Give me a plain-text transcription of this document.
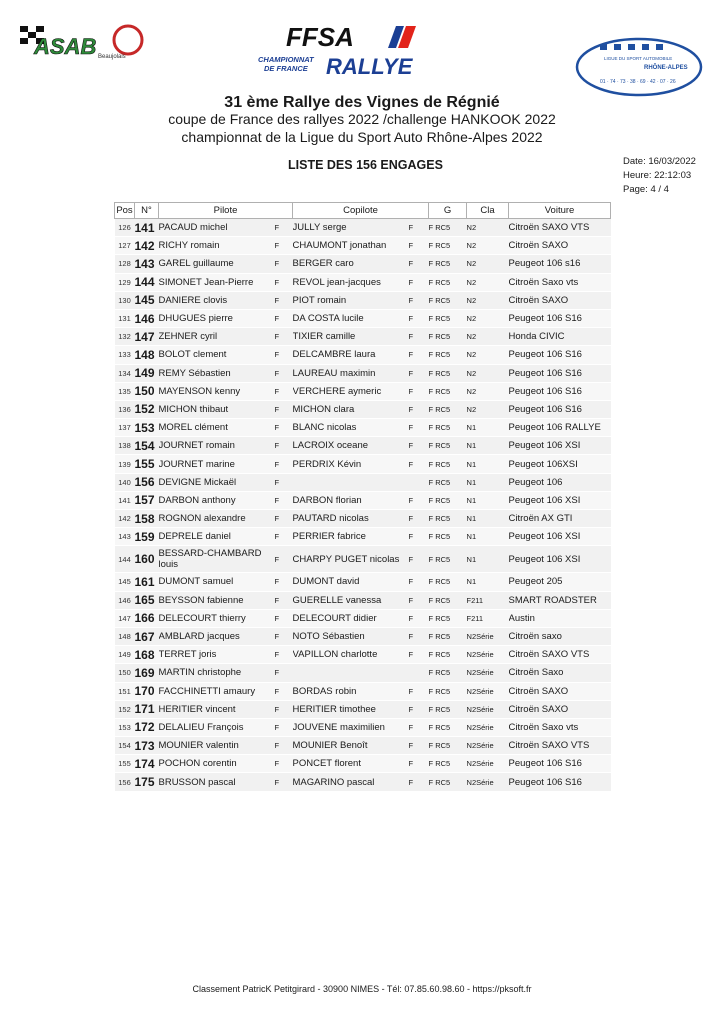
ASAB Beaujolais
FFSA
CHAMPIONNAT
DE FRANCE RALLYE	LIGUE DU SPORT AUTOMOBILE
RHÔNE-ALPES
01 · 74 · 73 · 38 · 69 · 42 · 07 · 26
31 ème Rallye des Vignes de Régnié
coupe de France des rallyes 2022 /challenge HANKOOK 2022
championnat de la Ligue du Sport Auto Rhône-Alpes 2022
LISTE DES 156 ENGAGES	Date: 16/03/2022
Heure: 22:12:03
Page: 4 / 4
Pos	N°	Pilote		Copilote		G	Cla	Voiture
126	141	PACAUD michel	F	JULLY serge	F	F RC5	N2	Citroën SAXO VTS
127	142	RICHY romain	F	CHAUMONT jonathan	F	F RC5	N2	Citroën SAXO
128	143	GAREL guillaume	F	BERGER caro	F	F RC5	N2	Peugeot 106 s16
129	144	SIMONET Jean-Pierre	F	REVOL jean-jacques	F	F RC5	N2	Citroën Saxo vts
130	145	DANIERE clovis	F	PIOT romain	F	F RC5	N2	Citroën SAXO
131	146	DHUGUES pierre	F	DA COSTA lucile	F	F RC5	N2	Peugeot 106 S16
132	147	ZEHNER cyril	F	TIXIER camille	F	F RC5	N2	Honda CIVIC
133	148	BOLOT clement	F	DELCAMBRE laura	F	F RC5	N2	Peugeot 106 S16
134	149	REMY Sébastien	F	LAUREAU maximin	F	F RC5	N2	Peugeot 106 S16
135	150	MAYENSON kenny	F	VERCHERE aymeric	F	F RC5	N2	Peugeot 106 S16
136	152	MICHON thibaut	F	MICHON clara	F	F RC5	N2	Peugeot 106 S16
137	153	MOREL clément	F	BLANC nicolas	F	F RC5	N1	Peugeot 106 RALLYE
138	154	JOURNET romain	F	LACROIX oceane	F	F RC5	N1	Peugeot 106 XSI
139	155	JOURNET marine	F	PERDRIX Kévin	F	F RC5	N1	Peugeot 106XSI
140	156	DEVIGNE Mickaël	F			F RC5	N1	Peugeot 106
141	157	DARBON anthony	F	DARBON florian	F	F RC5	N1	Peugeot 106 XSI
142	158	ROGNON alexandre	F	PAUTARD nicolas	F	F RC5	N1	Citroën AX GTI
143	159	DEPRELE daniel	F	PERRIER fabrice	F	F RC5	N1	Peugeot 106 XSI
144	160	BESSARD-CHAMBARD louis	F	CHARPY PUGET nicolas	F	F RC5	N1	Peugeot 106 XSI
145	161	DUMONT samuel	F	DUMONT david	F	F RC5	N1	Peugeot 205
146	165	BEYSSON fabienne	F	GUERELLE vanessa	F	F RC5	F211	SMART ROADSTER
147	166	DELECOURT thierry	F	DELECOURT didier	F	F RC5	F211	Austin
148	167	AMBLARD jacques	F	NOTO Sébastien	F	F RC5	N2Série	Citroën saxo
149	168	TERRET joris	F	VAPILLON charlotte	F	F RC5	N2Série	Citroën SAXO VTS
150	169	MARTIN christophe	F			F RC5	N2Série	Citroën Saxo
151	170	FACCHINETTI amaury	F	BORDAS robin	F	F RC5	N2Série	Citroën SAXO
152	171	HERITIER vincent	F	HERITIER timothee	F	F RC5	N2Série	Citroën SAXO
153	172	DELALIEU François	F	JOUVENE maximilien	F	F RC5	N2Série	Citroën Saxo vts
154	173	MOUNIER valentin	F	MOUNIER Benoît	F	F RC5	N2Série	Citroën SAXO VTS
155	174	POCHON corentin	F	PONCET florent	F	F RC5	N2Série	Peugeot 106 S16
156	175	BRUSSON pascal	F	MAGARINO pascal	F	F RC5	N2Série	Peugeot 106 S16
Classement PatricK Petitgirard - 30900 NIMES - Tél: 07.85.60.98.60 - https://pksoft.fr
